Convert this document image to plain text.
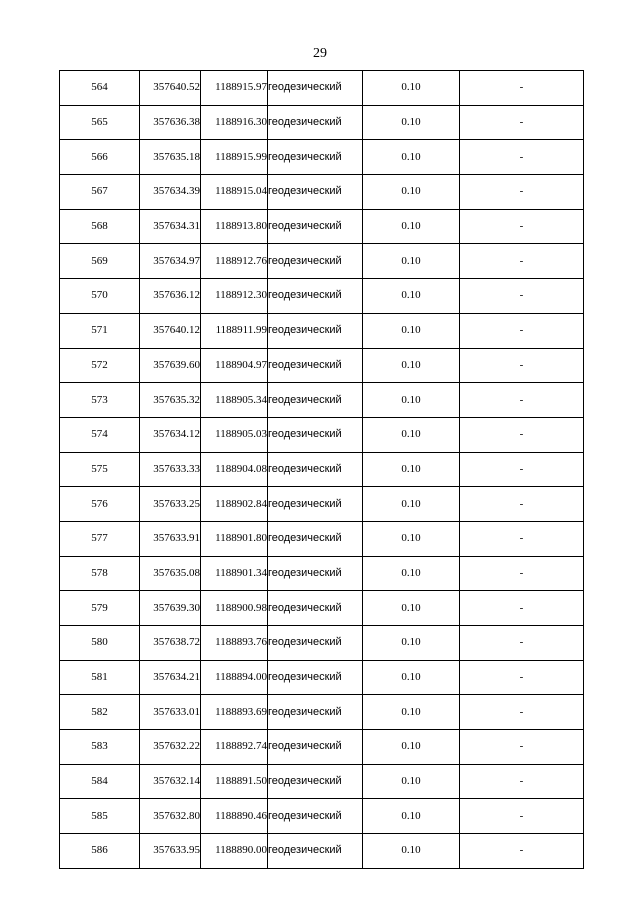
29
564	357640.52	1188915.97	геодезический	0.10	-
565	357636.38	1188916.30	геодезический	0.10	-
566	357635.18	1188915.99	геодезический	0.10	-
567	357634.39	1188915.04	геодезический	0.10	-
568	357634.31	1188913.80	геодезический	0.10	-
569	357634.97	1188912.76	геодезический	0.10	-
570	357636.12	1188912.30	геодезический	0.10	-
571	357640.12	1188911.99	геодезический	0.10	-
572	357639.60	1188904.97	геодезический	0.10	-
573	357635.32	1188905.34	геодезический	0.10	-
574	357634.12	1188905.03	геодезический	0.10	-
575	357633.33	1188904.08	геодезический	0.10	-
576	357633.25	1188902.84	геодезический	0.10	-
577	357633.91	1188901.80	геодезический	0.10	-
578	357635.08	1188901.34	геодезический	0.10	-
579	357639.30	1188900.98	геодезический	0.10	-
580	357638.72	1188893.76	геодезический	0.10	-
581	357634.21	1188894.00	геодезический	0.10	-
582	357633.01	1188893.69	геодезический	0.10	-
583	357632.22	1188892.74	геодезический	0.10	-
584	357632.14	1188891.50	геодезический	0.10	-
585	357632.80	1188890.46	геодезический	0.10	-
586	357633.95	1188890.00	геодезический	0.10	-
